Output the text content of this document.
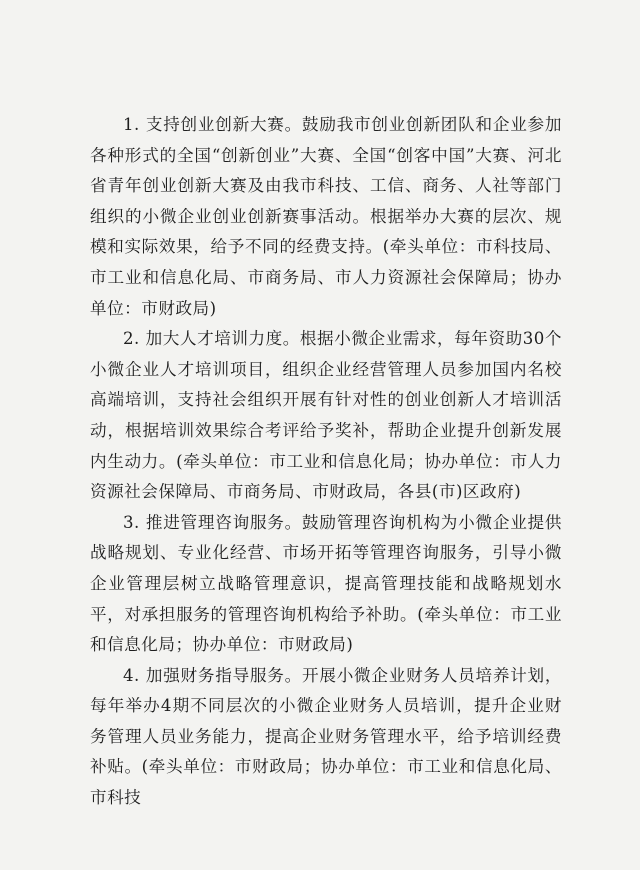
1. 支持创业创新大赛。鼓励我市创业创新团队和企业参加各种形式的全国“创新创业”大赛、全国“创客中国”大赛、河北省青年创业创新大赛及由我市科技、工信、商务、人社等部门组织的小微企业创业创新赛事活动。根据举办大赛的层次、规模和实际效果，给予不同的经费支持。(牵头单位：市科技局、市工业和信息化局、市商务局、市人力资源社会保障局；协办单位：市财政局)

2. 加大人才培训力度。根据小微企业需求，每年资助30个小微企业人才培训项目，组织企业经营管理人员参加国内名校高端培训，支持社会组织开展有针对性的创业创新人才培训活动，根据培训效果综合考评给予奖补，帮助企业提升创新发展内生动力。(牵头单位：市工业和信息化局；协办单位：市人力资源社会保障局、市商务局、市财政局，各县(市)区政府)

3. 推进管理咨询服务。鼓励管理咨询机构为小微企业提供战略规划、专业化经营、市场开拓等管理咨询服务，引导小微企业管理层树立战略管理意识，提高管理技能和战略规划水平，对承担服务的管理咨询机构给予补助。(牵头单位：市工业和信息化局；协办单位：市财政局)

4. 加强财务指导服务。开展小微企业财务人员培养计划，每年举办4期不同层次的小微企业财务人员培训，提升企业财务管理人员业务能力，提高企业财务管理水平，给予培训经费补贴。(牵头单位：市财政局；协办单位：市工业和信息化局、市科技
